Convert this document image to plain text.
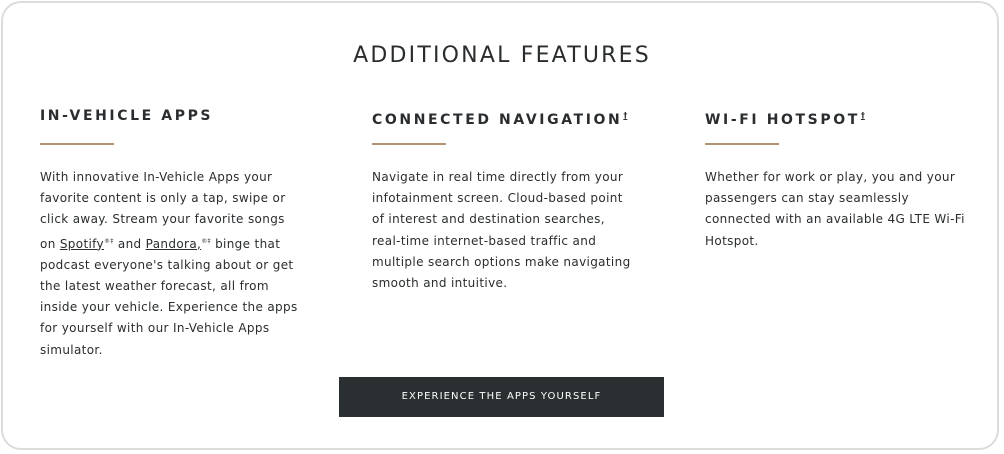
ADDITIONAL FEATURES
IN-VEHICLE APPS
With innovative In-Vehicle Apps your favorite content is only a tap, swipe or click away. Stream your favorite songs on Spotify®‡ and Pandora,®‡ binge that podcast everyone's talking about or get the latest weather forecast, all from inside your vehicle. Experience the apps for yourself with our In-Vehicle Apps simulator.
CONNECTED NAVIGATION†
Navigate in real time directly from your infotainment screen. Cloud-based point of interest and destination searches, real-time internet-based traffic and multiple search options make navigating smooth and intuitive.
WI-FI HOTSPOT†
Whether for work or play, you and your passengers can stay seamlessly connected with an available 4G LTE Wi-Fi Hotspot.
EXPERIENCE THE APPS YOURSELF
